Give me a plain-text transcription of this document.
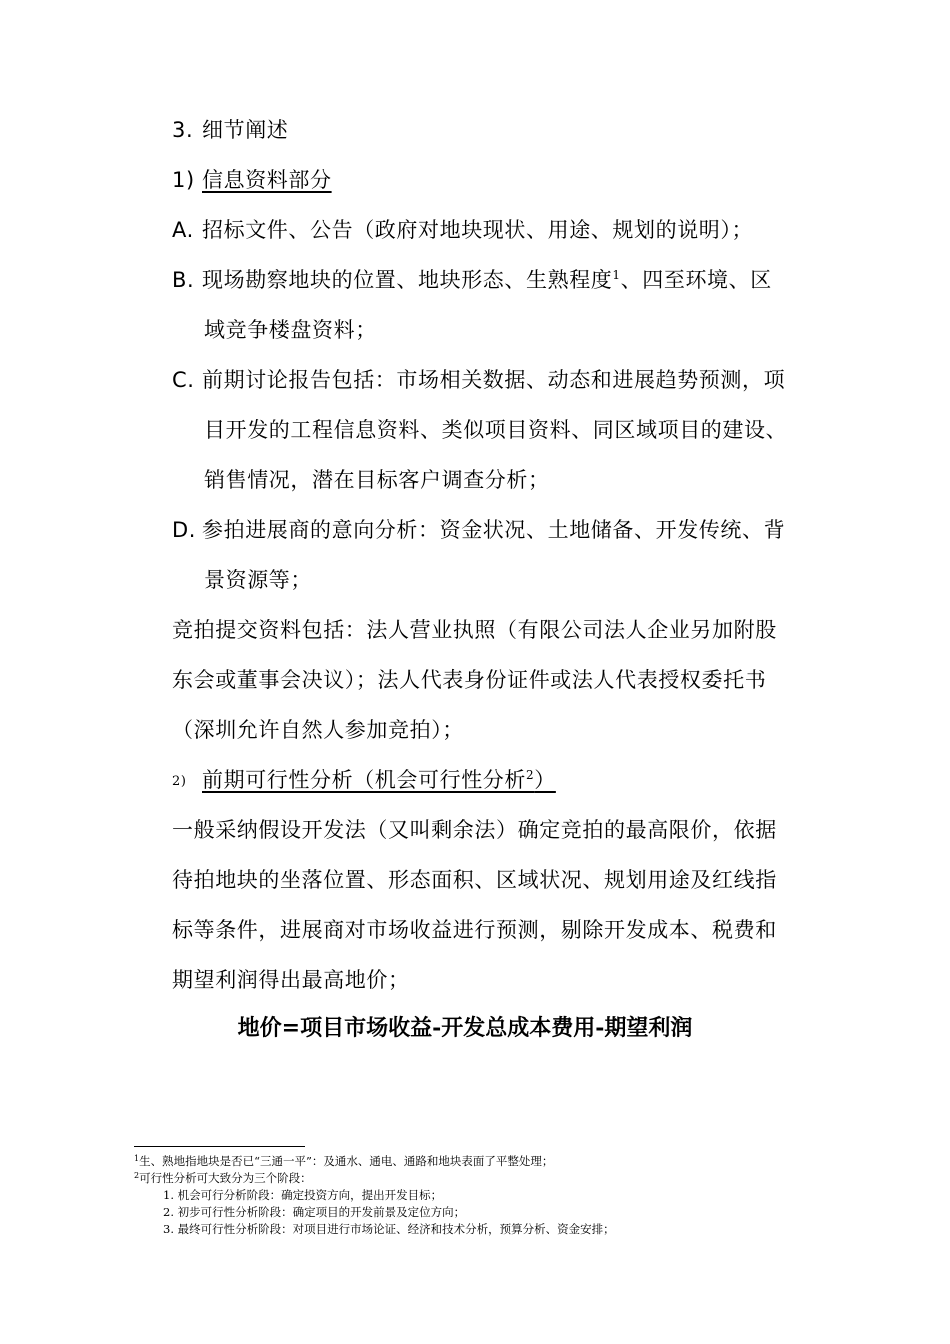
3. 细节阐述
1) 信息资料部分
A. 招标文件、公告（政府对地块现状、用途、规划的说明）；
B. 现场勘察地块的位置、地块形态、生熟程度$^1$、四至环境、区
域竞争楼盘资料；
C. 前期讨论报告包括：市场相关数据、动态和进展趋势预测，项
目开发的工程信息资料、类似项目资料、同区域项目的建设、
销售情况，潜在目标客户调查分析；
D. 参拍进展商的意向分析：资金状况、土地储备、开发传统、背
景资源等；
竞拍提交资料包括：法人营业执照（有限公司法人企业另加附股
东会或董事会决议）；法人代表身份证件或法人代表授权委托书
（深圳允许自然人参加竞拍）；
2) 前期可行性分析（机会可行性分析$^2$）
一般采纳假设开发法（又叫剩余法）确定竞拍的最高限价，依据
待拍地块的坐落位置、形态面积、区域状况、规划用途及红线指
标等条件，进展商对市场收益进行预测，剔除开发成本、税费和
期望利润得出最高地价；
地价=项目市场收益-开发总成本费用-期望利润
$^1$生、熟地指地块是否已“三通一平”：及通水、通电、通路和地块表面了平整处理；
$^2$可行性分析可大致分为三个阶段：
1. 机会可行分析阶段：确定投资方向，提出开发目标；
2. 初步可行性分析阶段：确定项目的开发前景及定位方向；
3. 最终可行性分析阶段：对项目进行市场论证、经济和技术分析，预算分析、资金安排；
